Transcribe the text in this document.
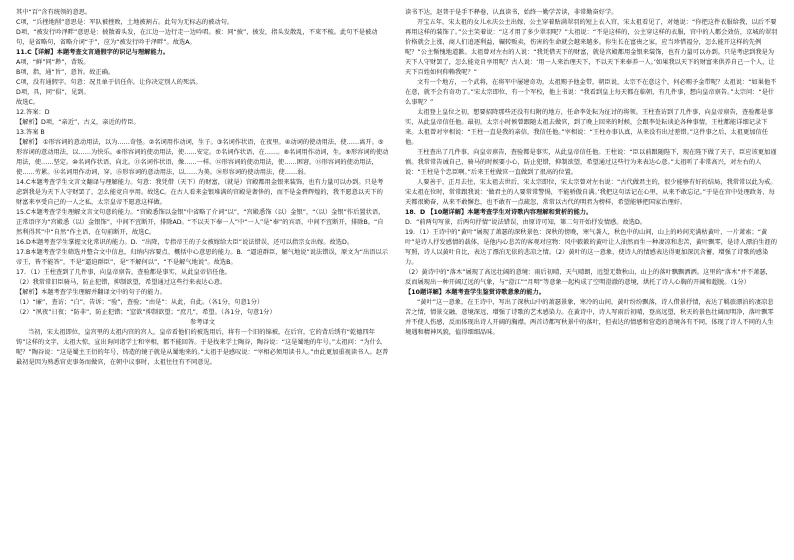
其中“百”含有统领的意思。

C项，“兵挫地削”意思是：军队被挫败，土地被割占。此句为无标志的被动句。

D项，“被发行吟泽畔”意思是：披散着头发，在江边一边行走一边吟唱。被：同“披”，披发，指头发散乱，不束不梳。此句不是被动句，是省略句，省略介词“于”，应为“被发行吟于泽畔”。故选A。

11.C【详解】本题考查文言通假字的识记与理解能力。

A项，“鲜”同“尠”，背叛。

B项，指，通“旨”，意旨。故正确。

C项，没有通假字。句意：况且单于信任你，让你决定别人的死活。

D项，具，同“俱”，见到。

故选C。

12.答案：D

【解析】D项，“亲近”，古义，亲近的侍臣。

13.答案 B

【解析】 ①形容词的意动用法，以为……奇怪。②名词用作动词，生子。③名词作状语，在夜里。④动词的使动用法，使……离开。⑤形容词的意动用法，以……为快乐。⑥形容词的使动用法，使……安定。⑦名词作状语，在……。⑧名词用作动词，生。⑨形容词的使动用法，使……坚定。⑩名词作状语，向北。⑪名词作状语，像……一样。⑫形容词的使动用法，使……困窘。⑬形容词的使动用法，使……劳累。⑭名词用作动词，穿。⑮形容词的意动用法，以……为美。⑯形容词的使动用法，使……弱。

14.C本题考查学生文言文翻译与理解能力。句意：我凭借（天下）的财富，（就是）宫殿都用金银来装饰，也有力量可以办到。只是考虑到我是为天下人守财罢了，怎么能竞自享用。故选C。在古人看来金银堆满的宫殿是奢侈的，而不是金碧辉煌的，我不愿意以天下的财富来享受自己的一人之私，太宗皇帝不愿意这样做。

15.C本题考查学生理解文言文句意的能力。“宫殿悉饰以金银”中省略了介词“以”，“宫殿悉饰（以）金银”，“（以）金银”作后置状语，正常语序为“宫殿悉（以）金银饰”，中间不宜断开，排除AD。“不以天下奉一人”中“一人”是“奉”的宾语，中间不宜断开，排除B。“自然利得其”中“自然”作主语，在句前断开，故选C。

16.D本题考查学生掌握文化常识的能力。D．“出降，专指帝王的子女被嫁给大臣”说法错误，还可以指宗女出嫁。故选D。

17.B本题考查学生筛选并整合文中信息，归纳内容要点、概括中心意思的能力。B．“逼迫群臣，解气地说”说法错误，原文为“出语以示帝王，皆不能答”，不是“逼迫群臣”，是“不解何以”，“不是解气地说”。故选B。

17．（1）王柱查到了几件事，向皇帝禀告，查验都是事实，从此皇帝信任他。

（2）我常常旧臣骑马，防止犯错，抑制欲望，希望通过这些行来表达心意。

【解析】本题考查学生理解并翻译文中的句子的能力。

（1）“廉”，查访；“白”，告诉；“验”，查验；“由是”：从此，自此。（各1分，句意1分）

（2）“夙夜”日夜；“防非”，防止犯错；“窒欲”抑制欲望；“庶几”，希望。（各1分，句意1分）

参考译文

当初，宋太祖即位，皇宫里的太祖内宫的宫人，皇帝看他们的被选用后，将有一个旧的锦被，在后宫，它的背后绣有“乾德四年铸”这样的文字，太祖大惊，宣出询问诸学士和宰相，都不能回答。于是找来学士陶谷，陶谷说：“这是蜀地的年号。”太祖问：“为什么呢？”陶谷说：“这是蜀主王衍的年号，铸造的镜子就是从蜀地来的。”太祖于是感叹说：“宰相必须用读书人。”由此更加重视读书人。赵普最初是因为熟悉官吏事务而做官，在朝中议事时，太祖往往有不同意见。

读书不达，赵普于是手不释卷，认真读书，始终一勤学苦读，非常勤奋好学。

开宝五年，宋太祖的女儿永庆公主出嫁，公主穿着贴满翠羽的短上衣入宫，宋太祖看见了，对她说：“你把这件衣服给我，以后不要再用这样的装饰了。”公主笑着说：“这才用了多少翠羽呢？”太祖说：“不是这样的，公主穿这样的衣服，宫中的人都会效仿，京城的翠羽价格就会上涨，商人们追逐利益，辗转贩卖，伤害的生命就会越来越多。你生长在富贵之家，应当珍惜福分，怎么能开这样的先例呢？”公主惭愧地道歉。太祖曾对左右的人说：“我凭借天下的财富，就是宫殿都用金银来装饰，也有力量可以办到。只是考虑到我是为天下人守财罢了，怎么能竞自享用呢？古人说：‘用一人来治理天下，不以天下来奉养一人。’如果我以天下的财富来供养自己一个人，让天下百姓如何仰赖我呢？”

文有一个地方，一个武将，在将军中屡建奇功，太祖赐予他金带，朝臣说，太宗不在意这个，何必赐予金带呢？太祖说：“如果他不在意，就不会有奇功了。”宋太宗即位，有一个军校，他上书说：“我看到皇上每天都在临朝，有几件事，想向皇帝禀告。”太宗问：“是什么事呢？”

太祖登上皇位之初，想要招降那些还没有归附的地方，任命李处耘为征讨的将领。王柱查访到了几件事，向皇帝禀告，查验都是事实，从此皇帝信任他。最初，太宗小时候曾跟随太祖去做官，到了晚上回来的时候，会跟李处耘谈论各种事情，王柱都能详细记录下来。太祖曾对宰相说：“王柱一直是我的亲信，我信任他。”宰相说：“王柱办事认真，从来没有出过差错。”这件事之后，太祖更加信任他。

王柱查出了几件事，向皇帝禀告，查验都是事实，从此皇帝信任他。王柱说：“臣以前跟随陛下，现在陛下做了天子，臣应该更加谨慎。我常常告诫自己，骑马的时候要小心，防止犯错，抑制欲望，希望通过这些行为来表达心意。”太祖听了非常高兴，对左右的人说：“王柱是个忠臣啊。”后来王柱做官一直做到了很高的位置。

人要善于，正月去往，宋太祖去世后，宋太宗即位，宋太宗曾对左右说：“古代做君主的，很少能够有好的结局，我常常以此为戒。宋太祖在位时，常常跟我说：‘做君主的人要常常警惕，不能骄傲自满。’我把这句话记在心里，从来不敢忘记。”于是在宫中处理政务，每天都很勤奋，从来不敢懈怠，也不敢有一点疏忽，常常以古代的明君为榜样，希望能够把国家治理好。

18．D 【10题详解】本题考查学生对诗歌内容理解和赏析的能力。

D．“前两句写景，后两句抒情”说法错误，由原诗可知，第二句开始抒发情感。故选D。

19．（1）王诗中的“黄叶”展现了萧瑟的深秋景色：深秋的傍晚，寒气袭人，秋色中的山间，山上的岭间充满枯黄叶，一片萧索；“黄叶”是诗人抒发感情的载体，是他内心悲苦的客观对应物：风中簌簌的黄叶让人油然而生一种凄凉和悲苦，黄叶飘零，是诗人漂泊生涯的写照，诗人以黄叶自比，表达了漂泊无依的悲凉之情。（2）黄叶的这一意象，使诗人的情感表达得更加深沉含蓄，增强了诗歌的感染力。

（2）黄诗中的“落木”展现了高远壮阔的意境：雨后初晴，天气晴朗，远望无数秋山，山上的落叶飘飘洒洒。这里的“落木”并不萧瑟，反而展现出一种开阔辽远的气象，与“澄江”“月明”等意象一起构成了空明澄澈的意境，烘托了诗人心胸的开阔和超脱。（1分）

【10题详解】本题考查学生鉴赏诗歌意象的能力。

“黄叶”这一意象，在王诗中，写出了深秋山中的萧瑟景象，寒冷的山间，黄叶纷纷飘落，诗人借景抒情，表达了羁旅漂泊的凄凉悲苦之情，情景交融，意境深远，增强了诗歌的艺术感染力。在黄诗中，诗人写雨后初晴，登高远望，秋天的景色壮阔而明净，落叶飘零并不使人伤感，反而体现出诗人开阔的胸襟。两首诗都写秋景中的落叶，但表达的情感和营造的意境各有不同，体现了诗人不同的人生境遇和精神风貌，值得细细品味。
